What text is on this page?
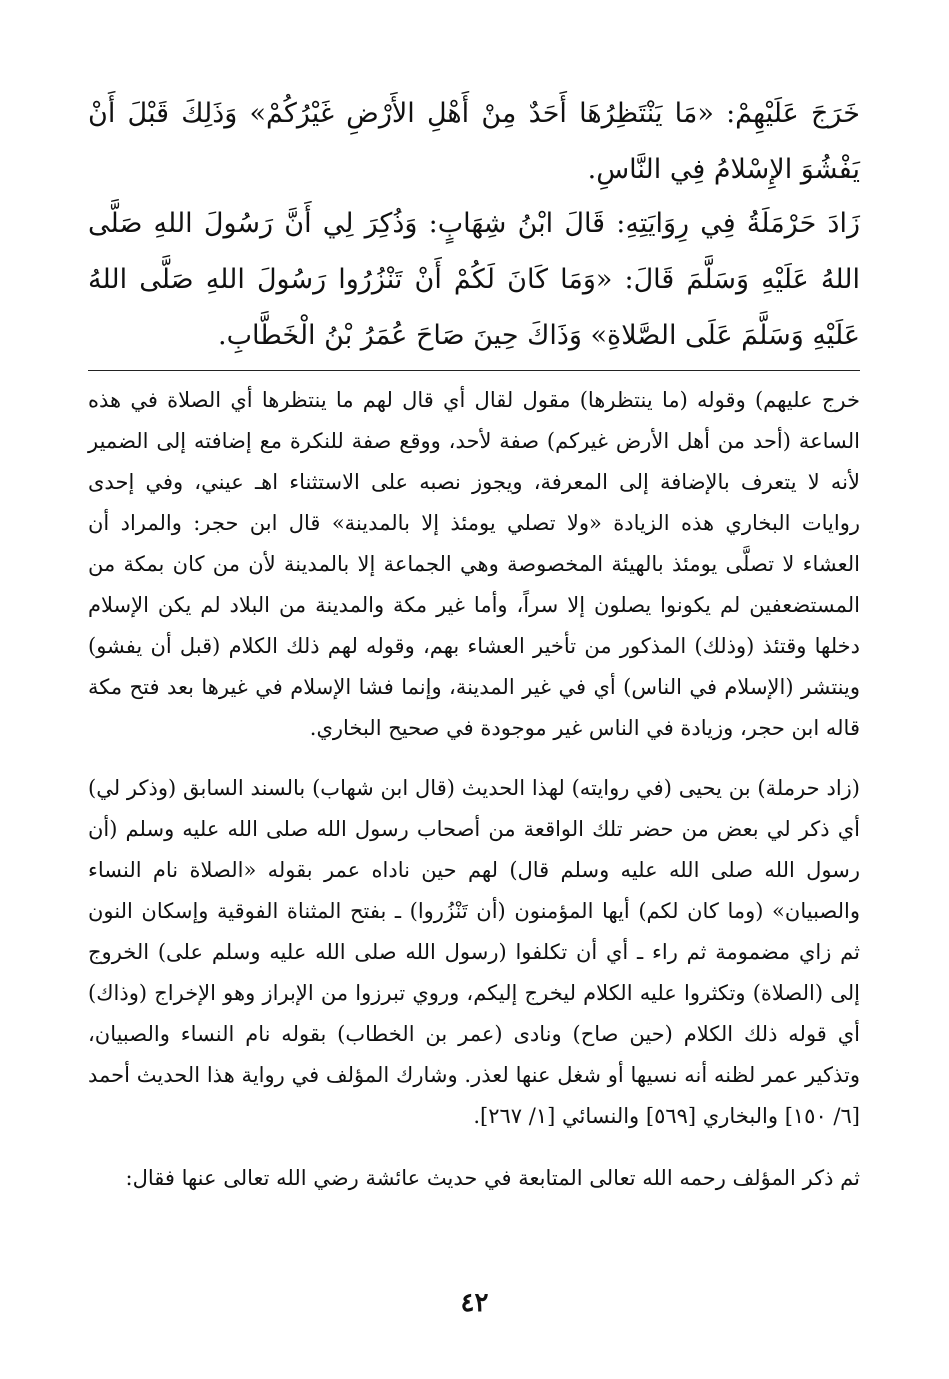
خَرَجَ عَلَيْهِمْ: «مَا يَنْتَظِرُهَا أَحَدٌ مِنْ أَهْلِ الأَرْضِ غَيْرُكُمْ» وَذَلِكَ قَبْلَ أَنْ يَفْشُوَ الإِسْلامُ فِي النَّاسِ.

زَادَ حَرْمَلَةُ فِي رِوَايَتِهِ: قَالَ ابْنُ شِهَابٍ: وَذُكِرَ لِي أَنَّ رَسُولَ اللهِ صَلَّى اللهُ عَلَيْهِ وَسَلَّمَ قَالَ: «وَمَا كَانَ لَكُمْ أَنْ تَنْزُرُوا رَسُولَ اللهِ صَلَّى اللهُ عَلَيْهِ وَسَلَّمَ عَلَى الصَّلاةِ» وَذَاكَ حِينَ صَاحَ عُمَرُ بْنُ الْخَطَّابِ.

خرج عليهم) وقوله (ما ينتظرها) مقول لقال أي قال لهم ما ينتظرها أي الصلاة في هذه الساعة (أحد من أهل الأرض غيركم) صفة لأحد، ووقع صفة للنكرة مع إضافته إلى الضمير لأنه لا يتعرف بالإضافة إلى المعرفة، ويجوز نصبه على الاستثناء اهـ عيني، وفي إحدى روايات البخاري هذه الزيادة «ولا تصلي يومئذ إلا بالمدينة» قال ابن حجر: والمراد أن العشاء لا تصلَّى يومئذ بالهيئة المخصوصة وهي الجماعة إلا بالمدينة لأن من كان بمكة من المستضعفين لم يكونوا يصلون إلا سراً، وأما غير مكة والمدينة من البلاد لم يكن الإسلام دخلها وقتئذ (وذلك) المذكور من تأخير العشاء بهم، وقوله لهم ذلك الكلام (قبل أن يفشو) وينتشر (الإسلام في الناس) أي في غير المدينة، وإنما فشا الإسلام في غيرها بعد فتح مكة قاله ابن حجر، وزيادة في الناس غير موجودة في صحيح البخاري.

(زاد حرملة) بن يحيى (في روايته) لهذا الحديث (قال ابن شهاب) بالسند السابق (وذكر لي) أي ذكر لي بعض من حضر تلك الواقعة من أصحاب رسول الله صلى الله عليه وسلم (أن رسول الله صلى الله عليه وسلم قال) لهم حين ناداه عمر بقوله «الصلاة نام النساء والصبيان» (وما كان لكم) أيها المؤمنون (أن تَنْزُروا) ـ بفتح المثناة الفوقية وإسكان النون ثم زاي مضمومة ثم راء ـ أي أن تكلفوا (رسول الله صلى الله عليه وسلم على) الخروج إلى (الصلاة) وتكثروا عليه الكلام ليخرج إليكم، وروي تبرزوا من الإبراز وهو الإخراج (وذاك) أي قوله ذلك الكلام (حين صاح) ونادى (عمر بن الخطاب) بقوله نام النساء والصبيان، وتذكير عمر لظنه أنه نسيها أو شغل عنها لعذر. وشارك المؤلف في رواية هذا الحديث أحمد [٦/ ١٥٠] والبخاري [٥٦٩] والنسائي [١/ ٢٦٧].

ثم ذكر المؤلف رحمه الله تعالى المتابعة في حديث عائشة رضي الله تعالى عنها فقال:

٤٢
